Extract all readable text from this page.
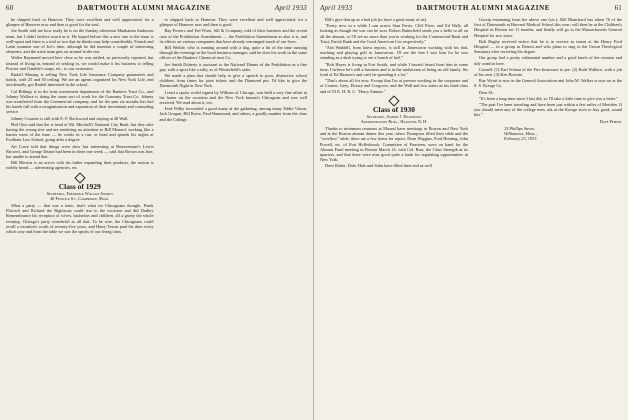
60	DARTMOUTH ALUMNI MAGAZINE	April 1933

be shipped back to Hanover. They were excellent and well appreciated, for a glimpse of Hanover now and then is good for the soul.

Joe Smith told me how ready he is on the Sunday afternoon Manhattan Anderson team, but I didn't believe much in it. He hoped before this a new one to the team is well-spent and there is a trial or two that he thinks may help considerably. French and Latin examine one of Joe's time, although he did mention a couple of interesting elements, and the track team gets on around in the rest.

Walter Raymond moved here close as he was settled, as previously reported, but instead of living in, instead of settling in, we would make it his business to telling Proctor and Gamble's soaps, etc., to our customers.

Rudolf Maxing is selling New York Life Insurance Company guarantees and bonds, with 25 and 50 ceiling. We are an agents organized for New York Life, and incidentally, got Rudolf interested in the school.

Cal Billings is in the trust investment department of the Bankers Trust Co., and Johnny Wallace is doing the same sort of work for the Guaranty Trust Co. Johnny was transferred from the Commercial company, and for the past six months has had his hands full with a reorganization and expansion of their investment and counseling service.

Johnny Cousens is still with E. F. Rockwood and staying at 40 Wall.

Phil Otto said that the is head of Mr. Mitchell's National City Bank, but they take having the wrong text and are rendering no attention to Bill Menard, working like a barrier most of the time — he works in a run, or head and spends his nights at Fordham Law School, going after a degree.

Art Lowe told that things were slow but interesting at Bonaventure's Lewis Brown's, and George Deane had been in there one week — said that Brown was fine, but unable to attend that.

Bill Blevins is an active with his father expanding their products, the notion is widely heard — advertising agencies, etc.

Class of 1929
Secretary, Frederick William Andres
40 Fenwick St., Cambridge, Mass.

What a party — that was a tonic, that's what we Chicagoans thought. Frank Flitcroft and Richard the Righteous could rise to the occasion and did Dudley Remembrance his reception of wives, bachelors and children, all a gaiety the whole evening. Chicago's party wonderful as all that. To be sure, the Chicagoans could recall a vacation's worth of seventy-five years, and Harry Tawns paid his dues every which way and from the table we saw the spirits of our living class.

to shipped back to Hanover. They were excellent and well appreciated, for a glimpse of Hanover now and then is good.

Ray Powers and Ted Wren, Sill & Company, told of their business and the recent case of the Prohibition Amendment — the Prohibition Amendment as also it is, and its effects on various companies that have already rearranged much of our lives.

Bill Weible, who is running around with a dog, quite a bit of the time running through the evenings to the local business manager, said he does his work in the same offices of the Bankers' Chemical trust Co.

Joe Smith Doherty is assistant to the National Dinner of the Prohibition as a fine guy, with a sport like a rally, as of Westerfield's sales.

We made a plan that should help to give a speech to poor, distinctive school children, from times for joint tickets and the Diamond pin. I'd like to give the Dartmouth Night in New York.

I read a sports world signed by William of Chicago, was held a very fine affair in his honor on the occasion and the New York bureau's Chicagoan and was well received. We read about it, too.

Fred Wilby forwarded a good many at the gathering, among many Eddie Vitson, Jack Grogan, Bill Rowe, Paul Hammond, and others; a goodly number from the class and the College.

April 1933	DARTMOUTH ALUMNI MAGAZINE	61

Bill's give that up as a bad job (to have a great many of us).

"Every now in a while I run across Stan Ferris, Cliff Piere, and Ed Walk, all looking as though the war can be won. Robert Butterfield sends you a hello to all on all the alumni, or I'll see no more than you're working for the Commercial Bank and Trust, Parish Bank and the Good American Cos respectively."

"Ash Waddell, from latest reports, is still in Jamestown working with his dad, teaching and playing golf in Jamestown. I'll see the free I saw him for he was standing as a dash trying to see a bunch of fuel."

"Bob Hayes is living in Fort Smith, and while I haven't heard from him in some time, I believe he's still a business and is in the midstream of being an old family. Sis fond of Ed Hanson's and can't be spending it a lot."

"That's about all for now. Except that I'm at present working in the corporate and of Cramer, Grey, Dorsey and Cosgrove, and the Wall and two states as his third class and of 55 E. H. R. C. "Harry Emmer."

Class of 1930
Secretary, Albert J. Dickerson
Administration Bldg., Hanover, N. H.

Thanks to minimum reunions at Mound have meetings in Boston and New York and at the Boston alumni dinner this year, when Thompson filled their table and the "overflow" table, there are a few items for report. Dean Wiggins, Fred Horning, John Powell, etc. of Fort Hollerbrook. Committee of Fourteen, were on hand for the Alumni Fund meeting in Boston March 14, with Cal. Burr, the Class Strength at its quarters, and that there were nine good quite a bank for regulating opportunities in New York.

Dave Rober, Dale, Hale and Sohn have filled their end as well.

Gossip emanating from the above one (sic.): Bill Blanchard has taken 76 of the first of Dartmouth at Harvard Medical School this year; will then be at the Children's Hospital in Boston for 11 months, and finally will go to the Massachusetts General Hospital for two years.

Bob Rugby received notice that he is in service as intern at the Henry Ford Hospital — in a group in Detroit and who plans to sing in the Union Theological Seminary after receiving his degree.

Our group had a pretty substantial number and a good lunch of the reunion and tidy comfort here.

Cornell: (1) Earl Schaut of the Fire Insurance to pre. (2) Ruth Wallace, with a job of his own. (3) Ken Browne.

Ray Wyatt is now in the General Association and John M. Walker is now on at the S. S. Kresge Co.

Dear Al:

"It's been a long time since I last did, so I'll take a little time to give you a letter."

"The past I've been traveling and have been just within a few miles of Meriden. If you should meet any of the college men, ask at the Kresge store to buy good, sound bits."

Dave Pepper.
15 Phillips Street,
Williamson, Mass.,
February 23, 1933.
